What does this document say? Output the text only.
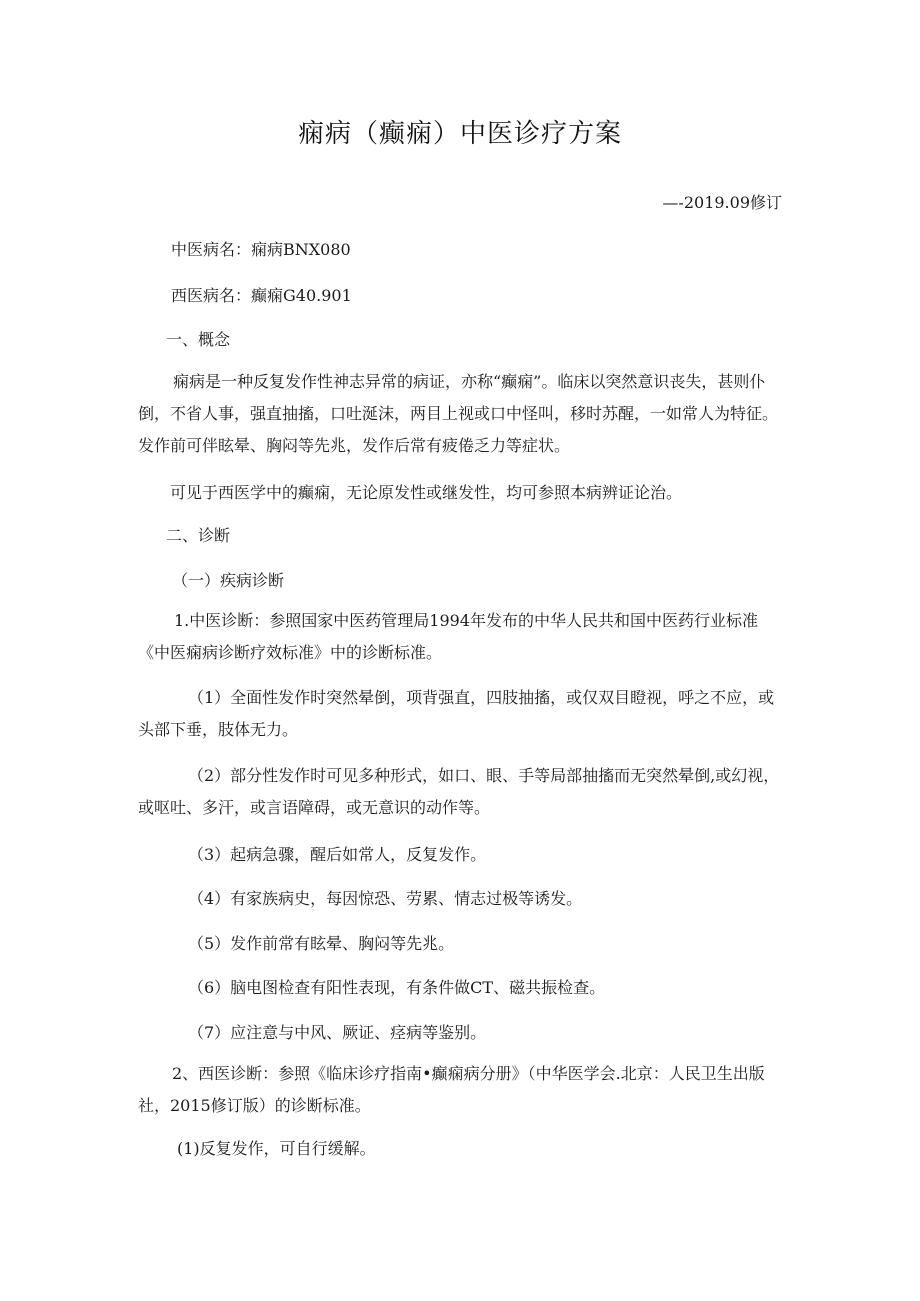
痫病（癫痫）中医诊疗方案
—-2019.09修订
中医病名：痫病BNX080
西医病名：癫痫G40.901
一、概念
痫病是一种反复发作性神志异常的病证，亦称“癫痫”。临床以突然意识丧失，甚则仆倒，不省人事，强直抽搐，口吐涎沫，两目上视或口中怪叫，移时苏醒，一如常人为特征。发作前可伴眩晕、胸闷等先兆，发作后常有疲倦乏力等症状。
可见于西医学中的癫痫，无论原发性或继发性，均可参照本病辨证论治。
二、诊断
（一）疾病诊断
1.中医诊断：参照国家中医药管理局1994年发布的中华人民共和国中医药行业标准《中医痫病诊断疗效标准》中的诊断标准。
（1）全面性发作时突然晕倒，项背强直，四肢抽搐，或仅双目瞪视，呼之不应，或头部下垂，肢体无力。
（2）部分性发作时可见多种形式，如口、眼、手等局部抽搐而无突然晕倒,或幻视，或呕吐、多汗，或言语障碍，或无意识的动作等。
（3）起病急骤，醒后如常人，反复发作。
（4）有家族病史，每因惊恐、劳累、情志过极等诱发。
（5）发作前常有眩晕、胸闷等先兆。
（6）脑电图检查有阳性表现，有条件做CT、磁共振检查。
（7）应注意与中风、厥证、痉病等鉴别。
2、西医诊断：参照《临床诊疗指南•癫痫病分册》（中华医学会.北京：人民卫生出版社，2015修订版）的诊断标准。
(1)反复发作，可自行缓解。
